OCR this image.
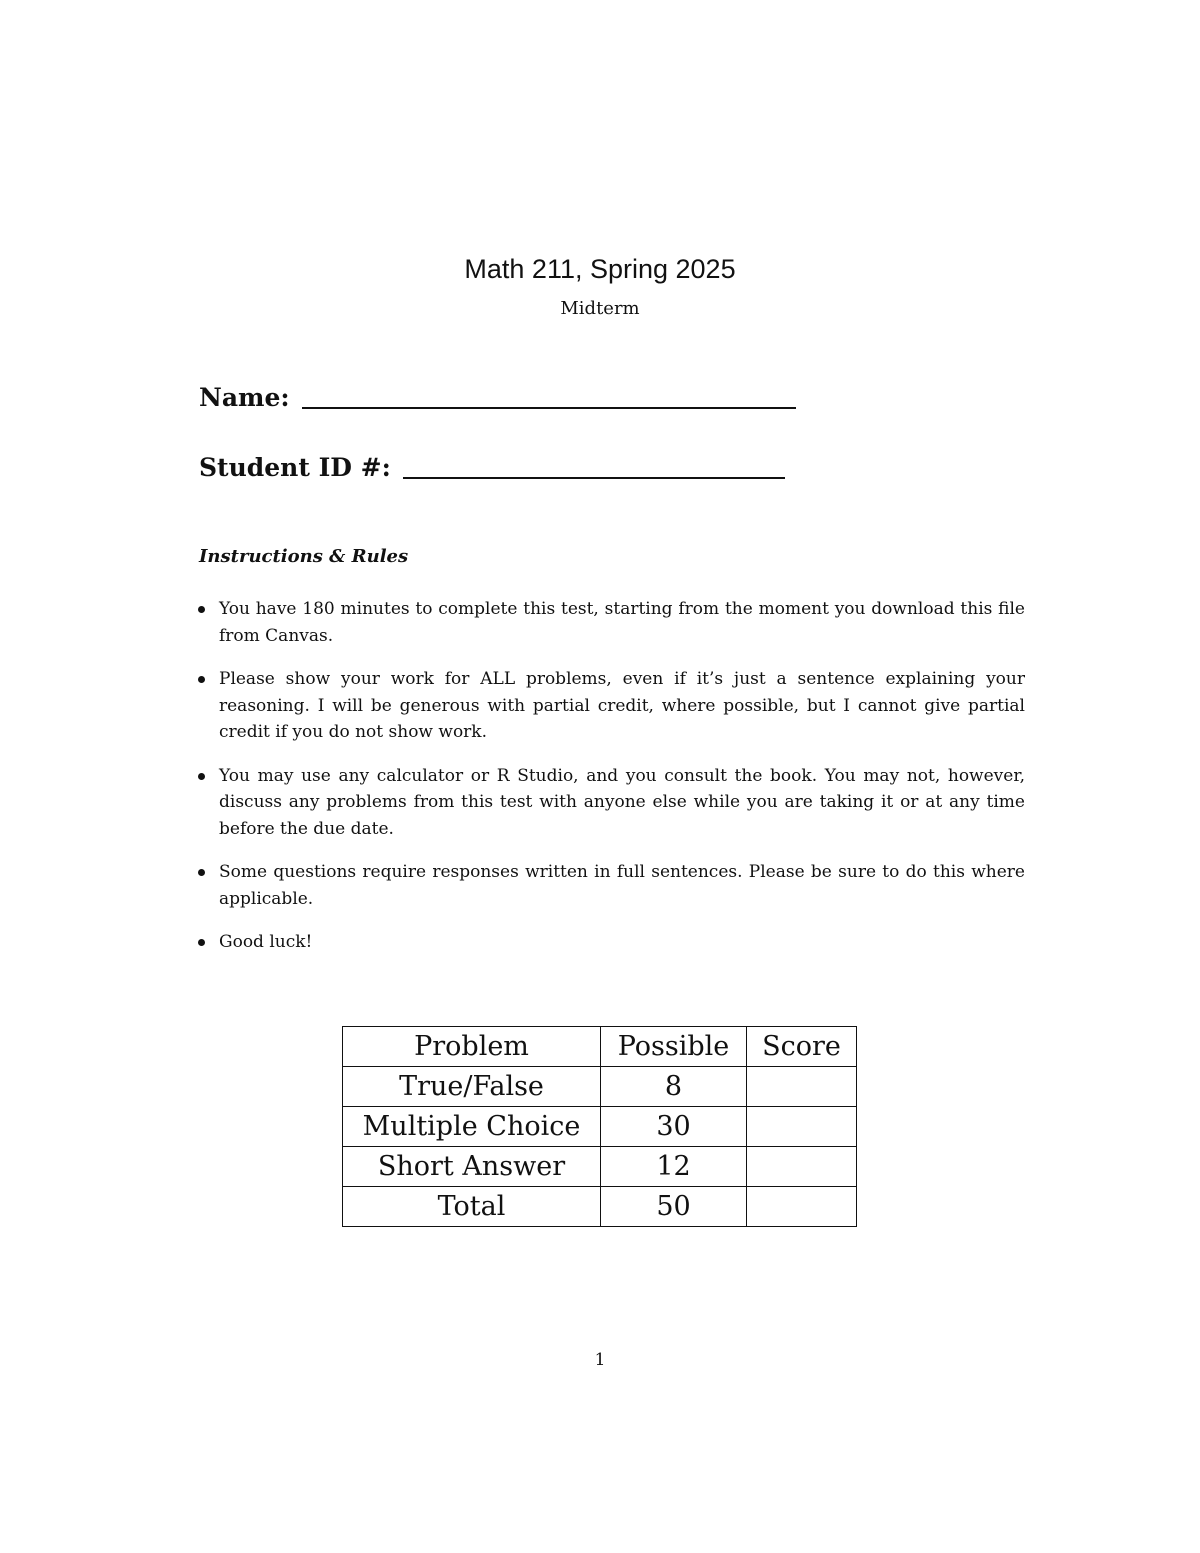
Math 211, Spring 2025
Midterm
Name:
Student ID #:
Instructions & Rules
You have 180 minutes to complete this test, starting from the moment you download this file from Canvas.
Please show your work for ALL problems, even if it’s just a sentence explaining your reasoning. I will be generous with partial credit, where possible, but I cannot give partial credit if you do not show work.
You may use any calculator or R Studio, and you consult the book. You may not, however, discuss any problems from this test with anyone else while you are taking it or at any time before the due date.
Some questions require responses written in full sentences. Please be sure to do this where applicable.
Good luck!
Problem	Possible	Score
True/False	8	
Multiple Choice	30	
Short Answer	12	
Total	50	
1
